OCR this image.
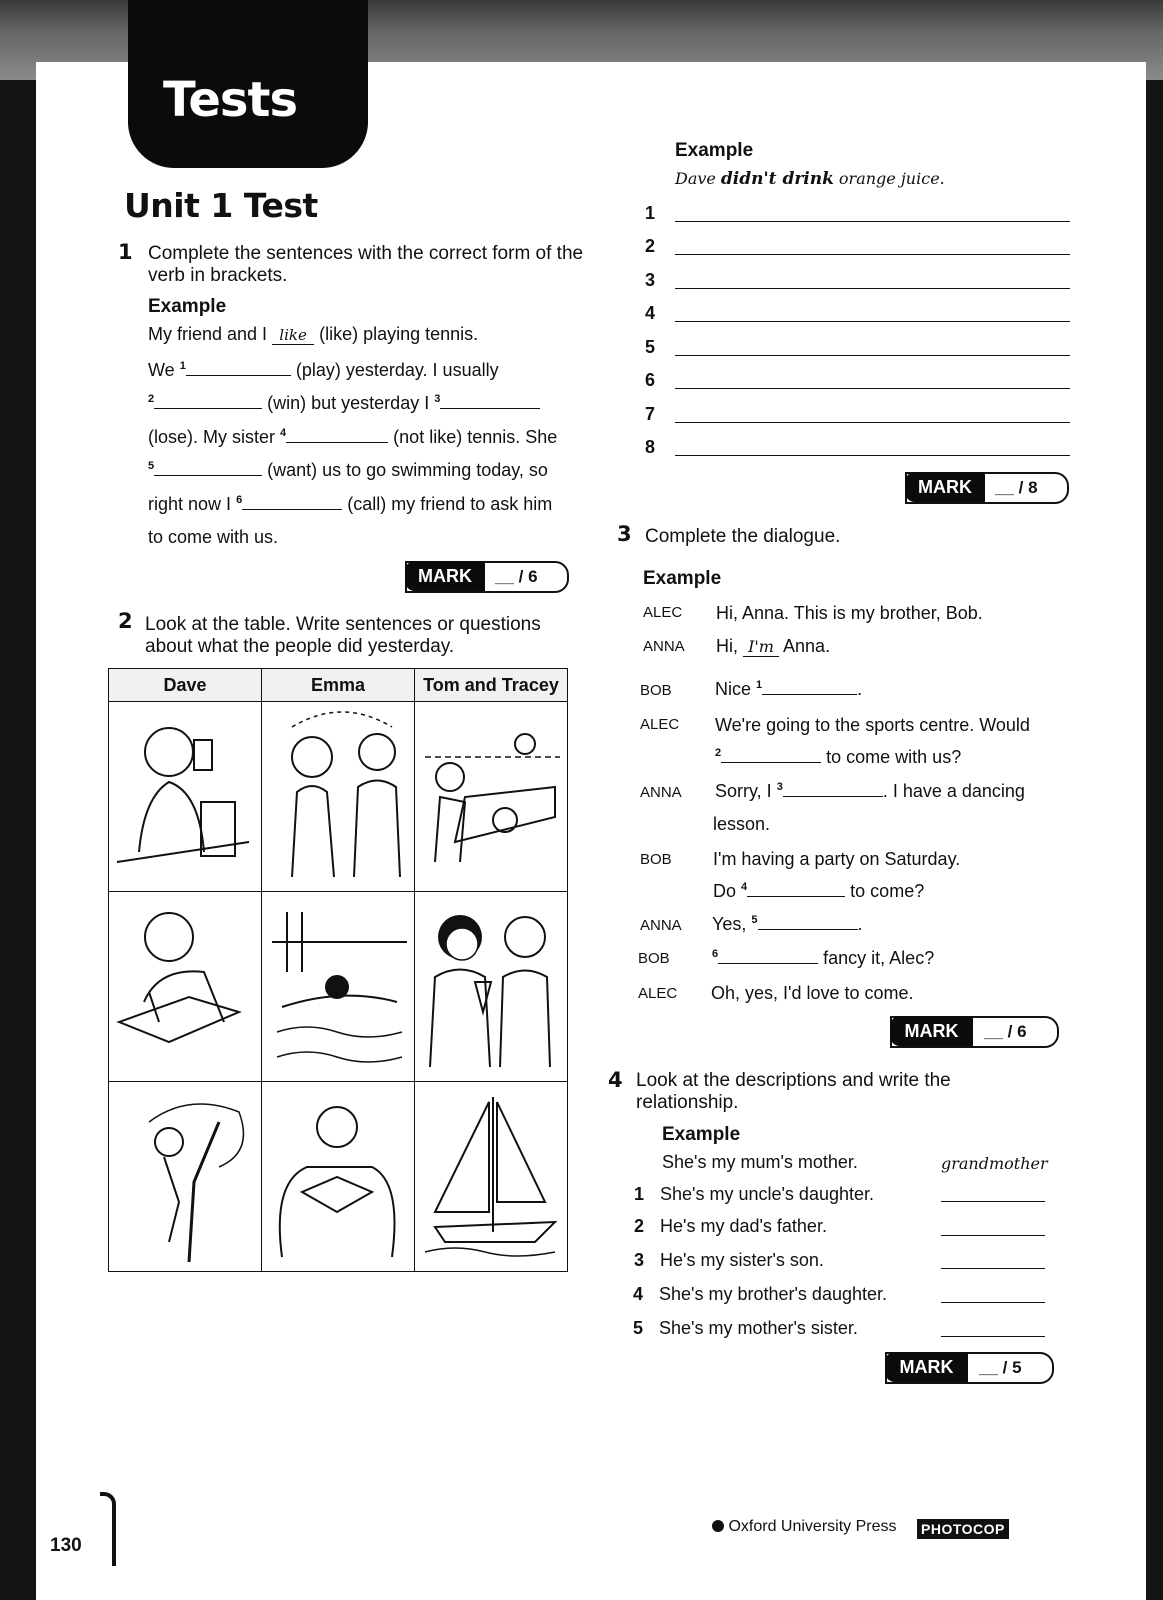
Tests
Unit 1 Test
1 Complete the sentences with the correct form of the verb in brackets.
Example
My friend and I like (like) playing tennis.
We $^1$	(play) yesterday. I usually
$^2$	(win) but yesterday I $^3$
(lose). My sister $^4$	(not like) tennis. She
$^5$	(want) us to go swimming today, so
right now I $^6$	(call) my friend to ask him
to come with us.
MARK	__ / 6
2 Look at the table. Write sentences or questions about what the people did yesterday.
Dave	Emma	Tom and Tracey

Example
Dave didn't drink orange juice.
1
2
3
4
5
6
7
8
MARK	__ / 8
3 Complete the dialogue.
Example
ALEC Hi, Anna. This is my brother, Bob.
ANNA Hi, I'm Anna.
BOB Nice $^1$	.
ALEC We're going to the sports centre. Would
$^2$	to come with us?
ANNA Sorry, I $^3$	. I have a dancing
lesson.
BOB I'm having a party on Saturday.
Do $^4$	to come?
ANNA Yes, $^5$	.
BOB	$^6$	fancy it, Alec?
ALEC Oh, yes, I'd love to come.
MARK	__ / 6
4 Look at the descriptions and write the relationship.
Example
She's my mum's mother.	grandmother
1 She's my uncle's daughter.
2 He's my dad's father.
3 He's my sister's son.
4 She's my brother's daughter.
5 She's my mother's sister.
MARK	__ / 5
130
Oxford University Press PHOTOCOP
